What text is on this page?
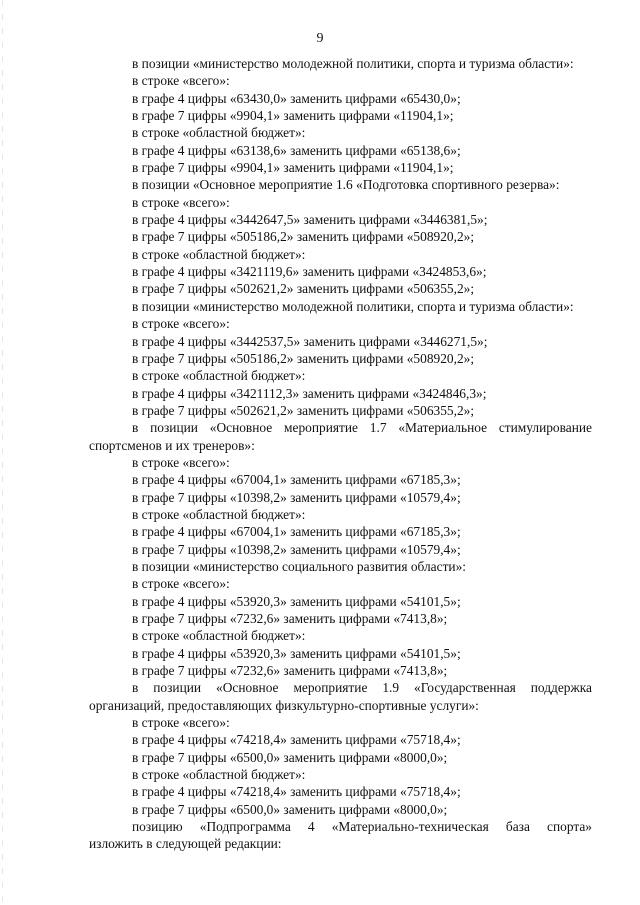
9
в позиции «министерство молодежной политики, спорта и туризма области»:
в строке «всего»:
в графе 4 цифры «63430,0» заменить цифрами «65430,0»;
в графе 7 цифры «9904,1» заменить цифрами «11904,1»;
в строке «областной бюджет»:
в графе 4 цифры «63138,6» заменить цифрами «65138,6»;
в графе 7 цифры «9904,1» заменить цифрами «11904,1»;
в позиции «Основное мероприятие 1.6 «Подготовка спортивного резерва»:
в строке «всего»:
в графе 4 цифры «3442647,5» заменить цифрами «3446381,5»;
в графе 7 цифры «505186,2» заменить цифрами «508920,2»;
в строке «областной бюджет»:
в графе 4 цифры «3421119,6» заменить цифрами «3424853,6»;
в графе 7 цифры «502621,2» заменить цифрами «506355,2»;
в позиции «министерство молодежной политики, спорта и туризма области»:
в строке «всего»:
в графе 4 цифры «3442537,5» заменить цифрами «3446271,5»;
в графе 7 цифры «505186,2» заменить цифрами «508920,2»;
в строке «областной бюджет»:
в графе 4 цифры «3421112,3» заменить цифрами «3424846,3»;
в графе 7 цифры «502621,2» заменить цифрами «506355,2»;
в позиции «Основное мероприятие 1.7 «Материальное стимулирование
спортсменов и их тренеров»:
в строке «всего»:
в графе 4 цифры «67004,1» заменить цифрами «67185,3»;
в графе 7 цифры «10398,2» заменить цифрами «10579,4»;
в строке «областной бюджет»:
в графе 4 цифры «67004,1» заменить цифрами «67185,3»;
в графе 7 цифры «10398,2» заменить цифрами «10579,4»;
в позиции «министерство социального развития области»:
в строке «всего»:
в графе 4 цифры «53920,3» заменить цифрами «54101,5»;
в графе 7 цифры «7232,6» заменить цифрами «7413,8»;
в строке «областной бюджет»:
в графе 4 цифры «53920,3» заменить цифрами «54101,5»;
в графе 7 цифры «7232,6» заменить цифрами «7413,8»;
в позиции «Основное мероприятие 1.9 «Государственная поддержка
организаций, предоставляющих физкультурно-спортивные услуги»:
в строке «всего»:
в графе 4 цифры «74218,4» заменить цифрами «75718,4»;
в графе 7 цифры «6500,0» заменить цифрами «8000,0»;
в строке «областной бюджет»:
в графе 4 цифры «74218,4» заменить цифрами «75718,4»;
в графе 7 цифры «6500,0» заменить цифрами «8000,0»;
позицию «Подпрограмма 4 «Материально-техническая база спорта»
изложить в следующей редакции:
